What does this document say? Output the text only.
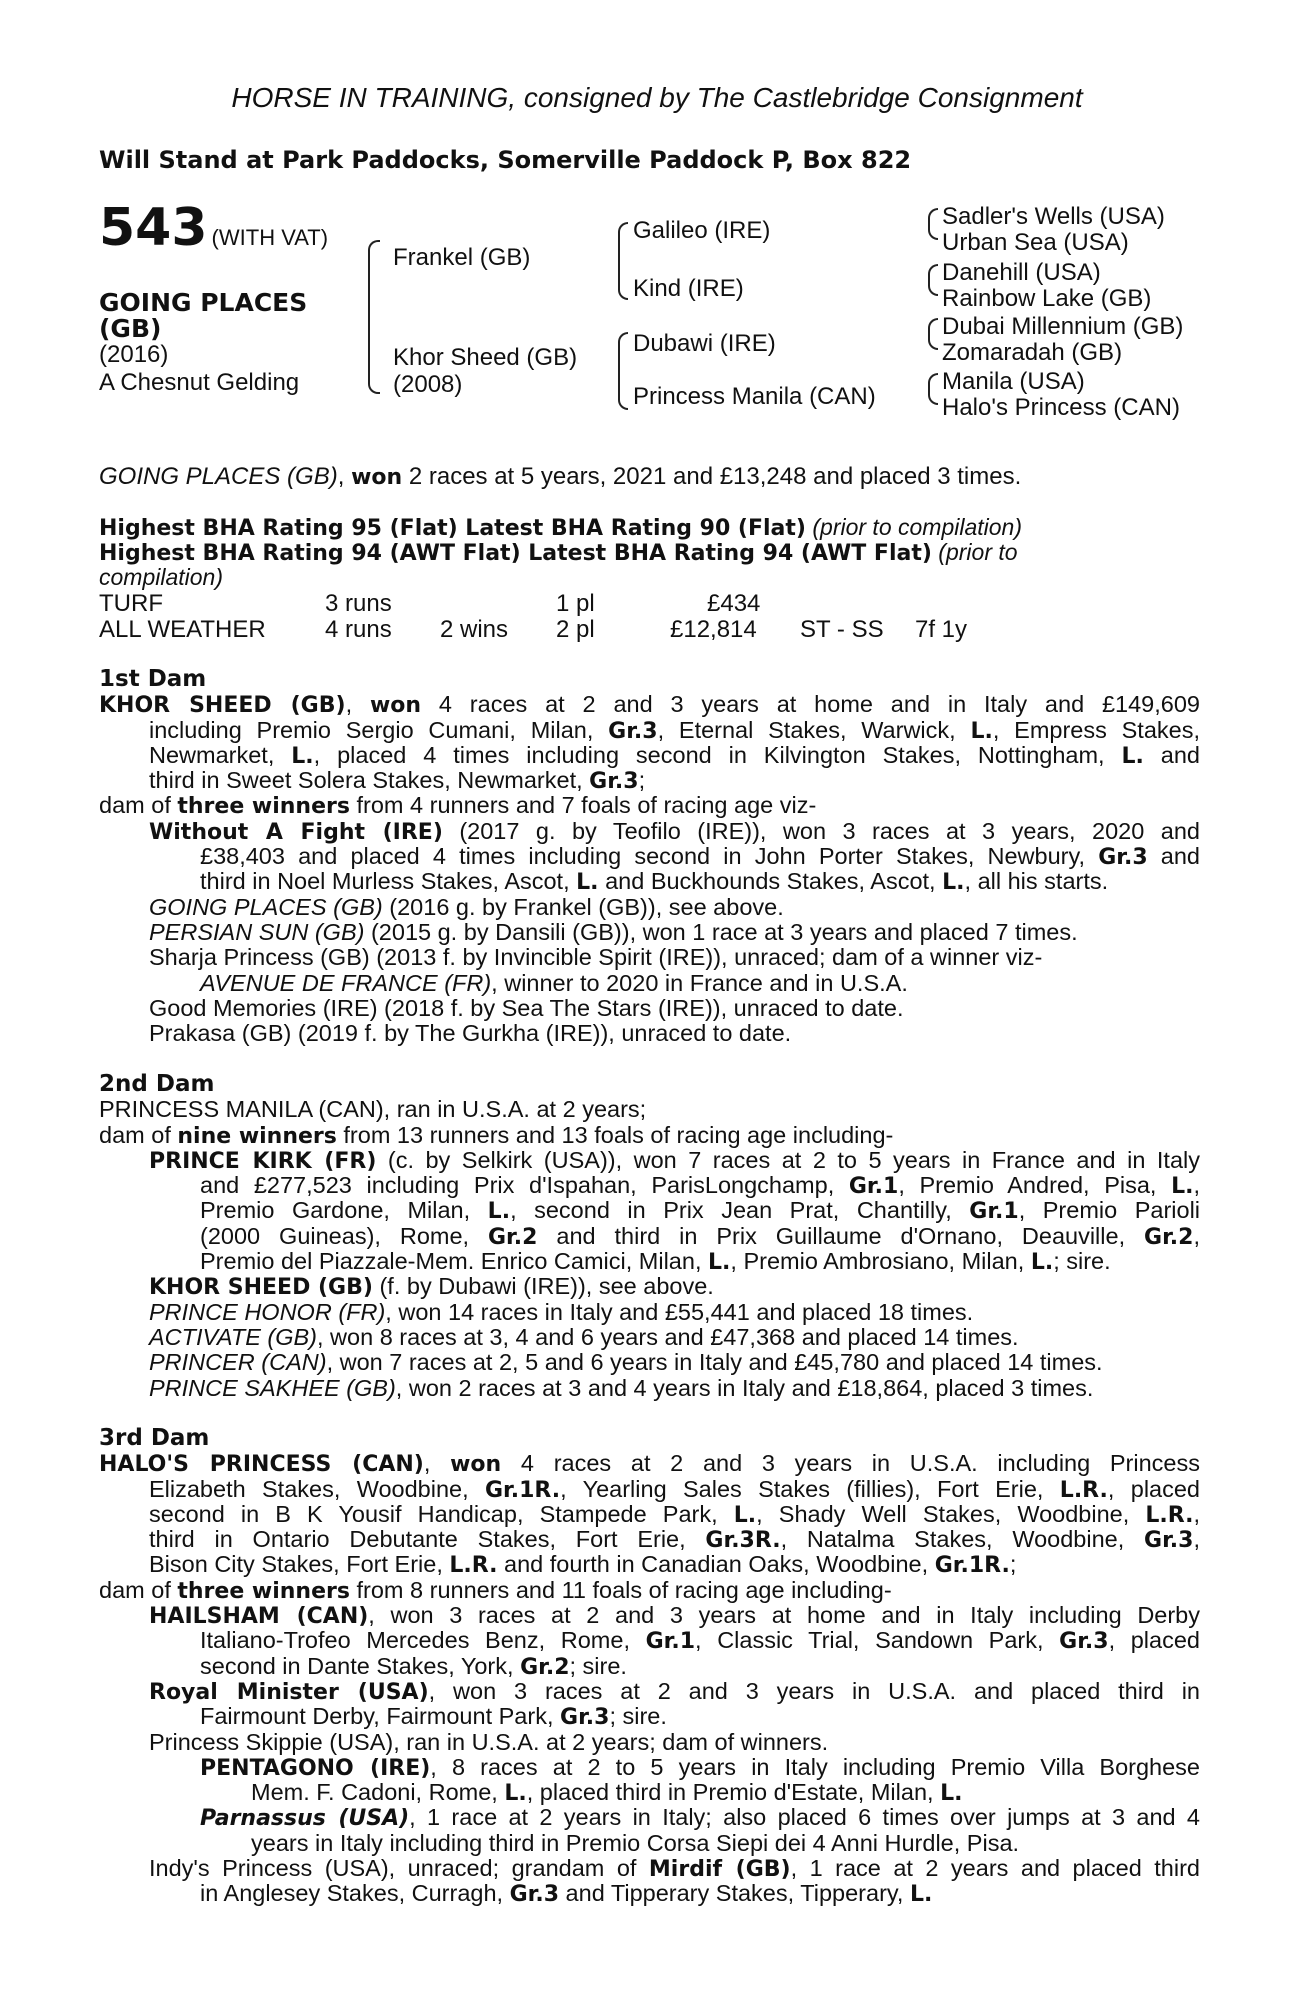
HORSE IN TRAINING, consigned by The Castlebridge Consignment
Will Stand at Park Paddocks, Somerville Paddock P, Box 822
543 (WITH VAT)
GOING PLACES
(GB)
(2016)
A Chesnut Gelding
Frankel (GB)
Khor Sheed (GB)
(2008)
Galileo (IRE)
Kind (IRE)
Dubawi (IRE)
Princess Manila (CAN)
Sadler's Wells (USA)
Urban Sea (USA)
Danehill (USA)
Rainbow Lake (GB)
Dubai Millennium (GB)
Zomaradah (GB)
Manila (USA)
Halo's Princess (CAN)
GOING PLACES (GB), won 2 races at 5 years, 2021 and £13,248 and placed 3 times.
Highest BHA Rating 95 (Flat) Latest BHA Rating 90 (Flat) (prior to compilation)
Highest BHA Rating 94 (AWT Flat) Latest BHA Rating 94 (AWT Flat) (prior to
compilation)
TURF	3 runs	1 pl	£434
ALL WEATHER 4 runs 2 wins 2 pl	£12,814 ST - SS 7f 1y
1st Dam
KHOR SHEED (GB), won 4 races at 2 and 3 years at home and in Italy and £149,609
including Premio Sergio Cumani, Milan, Gr.3, Eternal Stakes, Warwick, L., Empress Stakes,
Newmarket, L., placed 4 times including second in Kilvington Stakes, Nottingham, L. and
third in Sweet Solera Stakes, Newmarket, Gr.3;
dam of three winners from 4 runners and 7 foals of racing age viz-
Without A Fight (IRE) (2017 g. by Teofilo (IRE)), won 3 races at 3 years, 2020 and
£38,403 and placed 4 times including second in John Porter Stakes, Newbury, Gr.3 and
third in Noel Murless Stakes, Ascot, L. and Buckhounds Stakes, Ascot, L., all his starts.
GOING PLACES (GB) (2016 g. by Frankel (GB)), see above.
PERSIAN SUN (GB) (2015 g. by Dansili (GB)), won 1 race at 3 years and placed 7 times.
Sharja Princess (GB) (2013 f. by Invincible Spirit (IRE)), unraced; dam of a winner viz-
AVENUE DE FRANCE (FR), winner to 2020 in France and in U.S.A.
Good Memories (IRE) (2018 f. by Sea The Stars (IRE)), unraced to date.
Prakasa (GB) (2019 f. by The Gurkha (IRE)), unraced to date.
2nd Dam
PRINCESS MANILA (CAN), ran in U.S.A. at 2 years;
dam of nine winners from 13 runners and 13 foals of racing age including-
PRINCE KIRK (FR) (c. by Selkirk (USA)), won 7 races at 2 to 5 years in France and in Italy
and £277,523 including Prix d'Ispahan, ParisLongchamp, Gr.1, Premio Andred, Pisa, L.,
Premio Gardone, Milan, L., second in Prix Jean Prat, Chantilly, Gr.1, Premio Parioli
(2000 Guineas), Rome, Gr.2 and third in Prix Guillaume d'Ornano, Deauville, Gr.2,
Premio del Piazzale-Mem. Enrico Camici, Milan, L., Premio Ambrosiano, Milan, L.; sire.
KHOR SHEED (GB) (f. by Dubawi (IRE)), see above.
PRINCE HONOR (FR), won 14 races in Italy and £55,441 and placed 18 times.
ACTIVATE (GB), won 8 races at 3, 4 and 6 years and £47,368 and placed 14 times.
PRINCER (CAN), won 7 races at 2, 5 and 6 years in Italy and £45,780 and placed 14 times.
PRINCE SAKHEE (GB), won 2 races at 3 and 4 years in Italy and £18,864, placed 3 times.
3rd Dam
HALO'S PRINCESS (CAN), won 4 races at 2 and 3 years in U.S.A. including Princess
Elizabeth Stakes, Woodbine, Gr.1R., Yearling Sales Stakes (fillies), Fort Erie, L.R., placed
second in B K Yousif Handicap, Stampede Park, L., Shady Well Stakes, Woodbine, L.R.,
third in Ontario Debutante Stakes, Fort Erie, Gr.3R., Natalma Stakes, Woodbine, Gr.3,
Bison City Stakes, Fort Erie, L.R. and fourth in Canadian Oaks, Woodbine, Gr.1R.;
dam of three winners from 8 runners and 11 foals of racing age including-
HAILSHAM (CAN), won 3 races at 2 and 3 years at home and in Italy including Derby
Italiano-Trofeo Mercedes Benz, Rome, Gr.1, Classic Trial, Sandown Park, Gr.3, placed
second in Dante Stakes, York, Gr.2; sire.
Royal Minister (USA), won 3 races at 2 and 3 years in U.S.A. and placed third in
Fairmount Derby, Fairmount Park, Gr.3; sire.
Princess Skippie (USA), ran in U.S.A. at 2 years; dam of winners.
PENTAGONO (IRE), 8 races at 2 to 5 years in Italy including Premio Villa Borghese
Mem. F. Cadoni, Rome, L., placed third in Premio d'Estate, Milan, L.
Parnassus (USA), 1 race at 2 years in Italy; also placed 6 times over jumps at 3 and 4
years in Italy including third in Premio Corsa Siepi dei 4 Anni Hurdle, Pisa.
Indy's Princess (USA), unraced; grandam of Mirdif (GB), 1 race at 2 years and placed third
in Anglesey Stakes, Curragh, Gr.3 and Tipperary Stakes, Tipperary, L.
